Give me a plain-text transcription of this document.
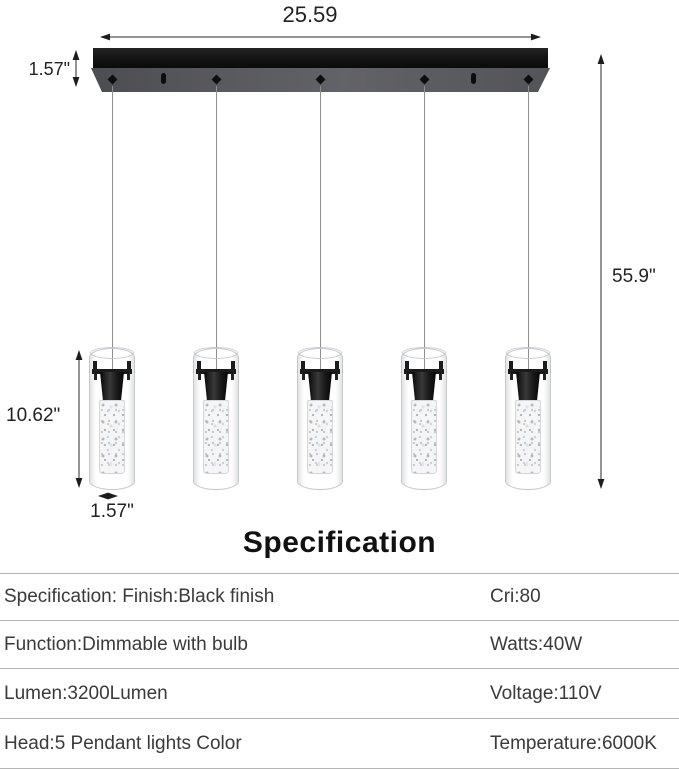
25.59
1.57"
55.9"
10.62"
1.57"
Specification
Specification: Finish:Black finish	Cri:80
Function:Dimmable with bulb	Watts:40W
Lumen:3200Lumen	Voltage:110V
Head:5 Pendant lights Color	Temperature:6000K
